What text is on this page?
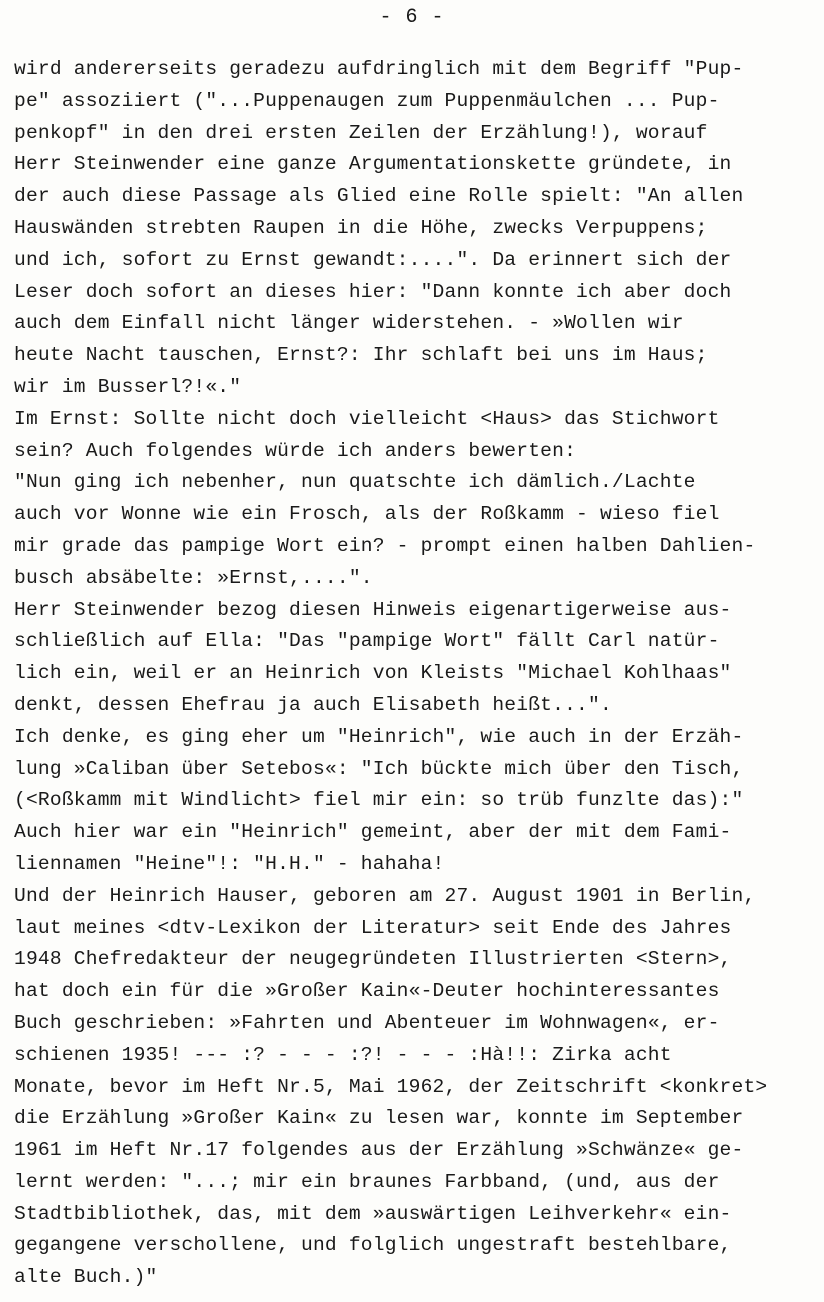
- 6 -
wird andererseits geradezu aufdringlich mit dem Begriff "Pup-
pe" assoziiert ("...Puppenaugen zum Puppenmäulchen ... Pup-
penkopf" in den drei ersten Zeilen der Erzählung!), worauf
Herr Steinwender eine ganze Argumentationskette gründete, in
der auch diese Passage als Glied eine Rolle spielt: "An allen
Hauswänden strebten Raupen in die Höhe, zwecks Verpuppens;
und ich, sofort zu Ernst gewandt:....". Da erinnert sich der
Leser doch sofort an dieses hier: "Dann konnte ich aber doch
auch dem Einfall nicht länger widerstehen. - »Wollen wir
heute Nacht tauschen, Ernst?: Ihr schlaft bei uns im Haus;
wir im Busserl?!«."
Im Ernst: Sollte nicht doch vielleicht <Haus> das Stichwort
sein? Auch folgendes würde ich anders bewerten:
"Nun ging ich nebenher, nun quatschte ich dämlich./Lachte
auch vor Wonne wie ein Frosch, als der Roßkamm - wieso fiel
mir grade das pampige Wort ein? - prompt einen halben Dahlien-
busch absäbelte: »Ernst,....".
Herr Steinwender bezog diesen Hinweis eigenartigerweise aus-
schließlich auf Ella: "Das "pampige Wort" fällt Carl natür-
lich ein, weil er an Heinrich von Kleists "Michael Kohlhaas"
denkt, dessen Ehefrau ja auch Elisabeth heißt...".
Ich denke, es ging eher um "Heinrich", wie auch in der Erzäh-
lung »Caliban über Setebos«: "Ich bückte mich über den Tisch,
(<Roßkamm mit Windlicht> fiel mir ein: so trüb funzlte das):"
Auch hier war ein "Heinrich" gemeint, aber der mit dem Fami-
liennamen "Heine"!: "H.H." - hahaha!
Und der Heinrich Hauser, geboren am 27. August 1901 in Berlin,
laut meines <dtv-Lexikon der Literatur> seit Ende des Jahres
1948 Chefredakteur der neugegründeten Illustrierten <Stern>,
hat doch ein für die »Großer Kain«-Deuter hochinteressantes
Buch geschrieben: »Fahrten und Abenteuer im Wohnwagen«, er-
schienen 1935! --- :? - - - :?! - - - :Hà!!: Zirka acht
Monate, bevor im Heft Nr.5, Mai 1962, der Zeitschrift <konkret>
die Erzählung »Großer Kain« zu lesen war, konnte im September
1961 im Heft Nr.17 folgendes aus der Erzählung »Schwänze« ge-
lernt werden: "...; mir ein braunes Farbband, (und, aus der
Stadtbibliothek, das, mit dem »auswärtigen Leihverkehr« ein-
gegangene verschollene, und folglich ungestraft bestehlbare,
alte Buch.)"
